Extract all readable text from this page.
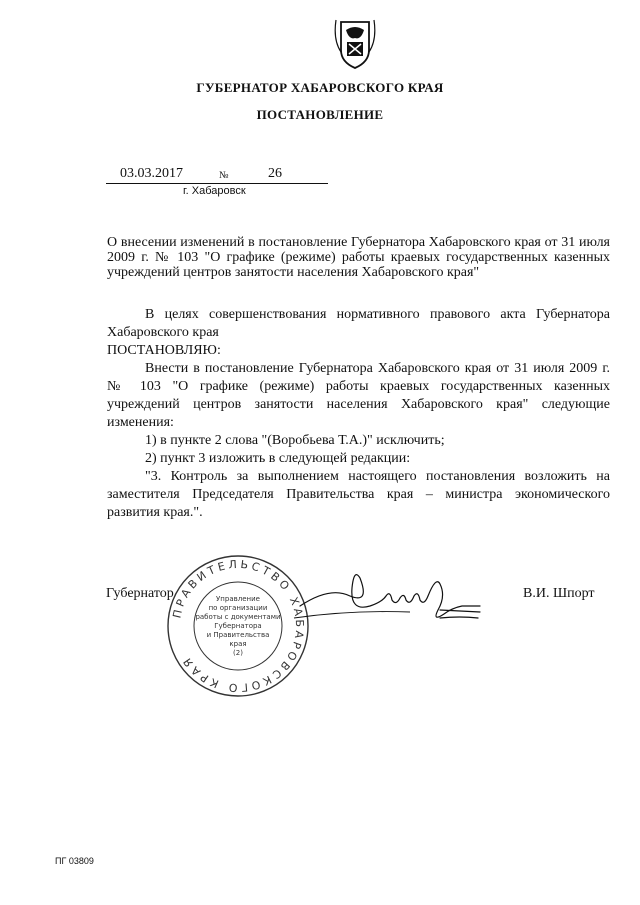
ГУБЕРНАТОР ХАБАРОВСКОГО КРАЯ
ПОСТАНОВЛЕНИЕ
03.03.2017	№	26
г. Хабаровск
О внесении изменений в постановление Губернатора Хабаровского края от 31 июля 2009 г. № 103 "О графике (режиме) работы краевых государственных казенных учреждений центров занятости населения Хабаровского края"

В целях совершенствования нормативного правового акта Губернатора Хабаровского края

ПОСТАНОВЛЯЮ:

Внести в постановление Губернатора Хабаровского края от 31 июля 2009 г. № 103 "О графике (режиме) работы краевых государственных казенных учреждений центров занятости населения Хабаровского края" следующие изменения:

1) в пункте 2 слова "(Воробьева Т.А.)" исключить;

2) пункт 3 изложить в следующей редакции:

"3. Контроль за выполнением настоящего постановления возложить на заместителя Председателя Правительства края – министра экономического развития края.".

Губернатор	В.И. Шпорт
ПРАВИТЕЛЬСТВО ХАБАРОВСКОГО КРАЯ
Управление
по организации
работы с документами
Губернатора
и Правительства
края
(2)
ПГ 03809
